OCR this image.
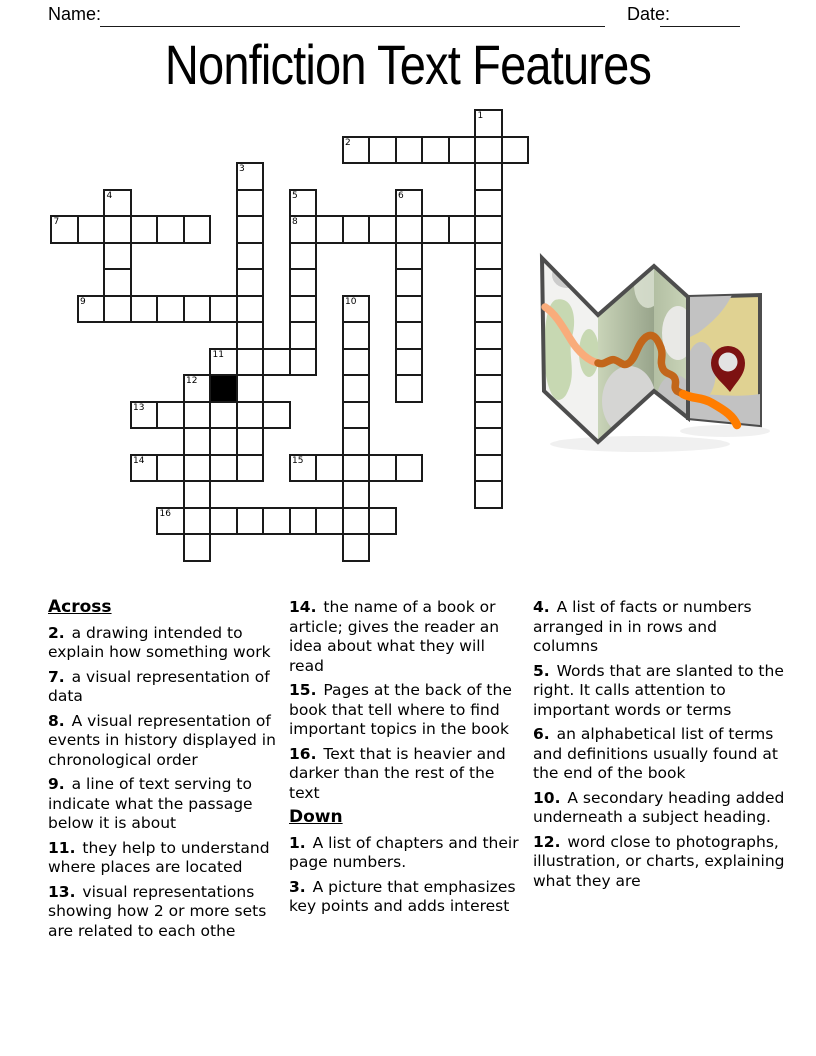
Name:	Date:
Nonfiction Text Features
1
2
3
4	5	6
7	8
9	10
11
12
13
14	15
16
Across

2. a drawing intended to explain how something work

7. a visual representation of data

8. A visual representation of events in history displayed in chronological order

9. a line of text serving to indicate what the passage below it is about

11. they help to understand where places are located

13. visual representations showing how 2 or more sets are related to each othe

14. the name of a book or article; gives the reader an idea about what they will read

15. Pages at the back of the book that tell where to find important topics in the book

16. Text that is heavier and darker than the rest of the text

Down

1. A list of chapters and their page numbers.

3. A picture that emphasizes key points and adds interest

4. A list of facts or numbers arranged in in rows and columns

5. Words that are slanted to the right. It calls attention to important words or terms

6. an alphabetical list of terms and definitions usually found at the end of the book

10. A secondary heading added underneath a subject heading.

12. word close to photographs, illustration, or charts, explaining what they are
